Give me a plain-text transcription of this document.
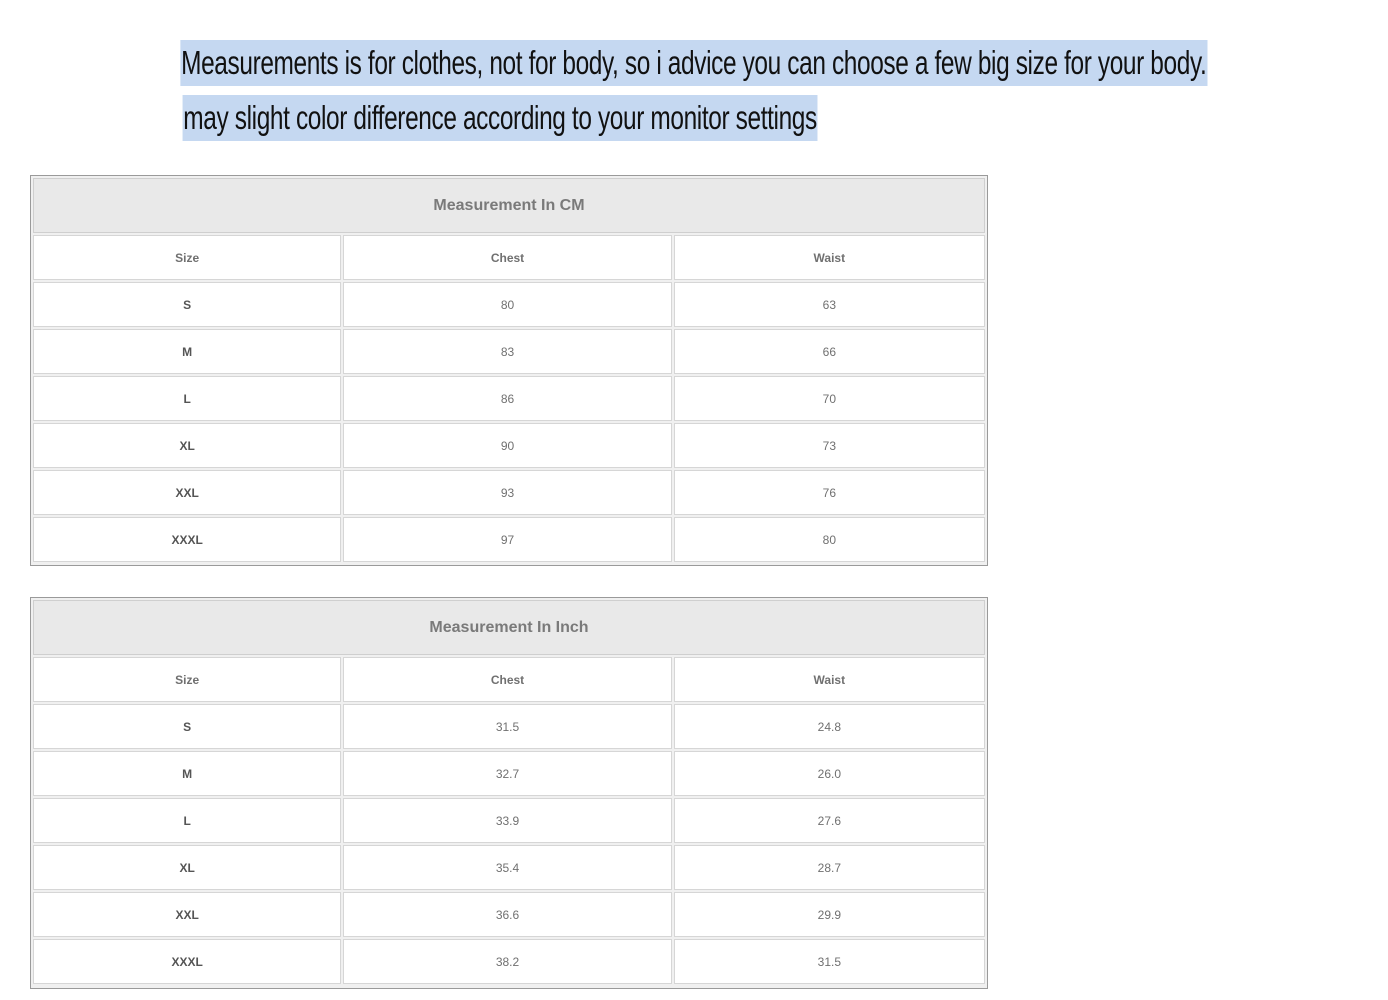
Measurements is for clothes, not for body, so i advice you can choose a few big size for your body.
may slight color difference according to your monitor settings
Measurement In CM
Size	Chest	Waist
S	80	63
M	83	66
L	86	70
XL	90	73
XXL	93	76
XXXL	97	80
Measurement In Inch
Size	Chest	Waist
S	31.5	24.8
M	32.7	26.0
L	33.9	27.6
XL	35.4	28.7
XXL	36.6	29.9
XXXL	38.2	31.5
